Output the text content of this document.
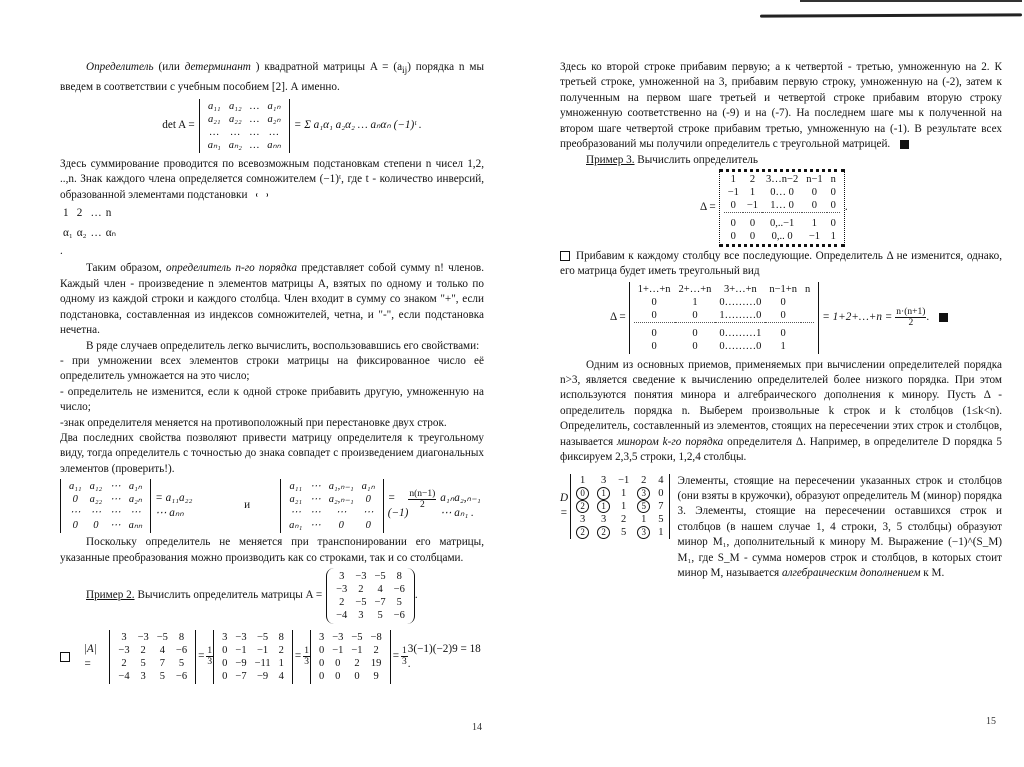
Определитель (или детерминант ) квадратной матрицы $A = (a_{ij})$ порядка n мы введем в соответствии с учебным пособием [2]. А именно.

det A =
a₁₁	a₁₂	…	a₁ₙ
a₂₁	a₂₂	…	a₂ₙ
…	…	…	…
aₙ₁	aₙ₂	…	aₙₙ
= Σ a₁α₁ a₂α₂ … aₙαₙ (−1)ᵗ .

Здесь суммирование проводится по всевозможным подстановкам степени n чисел 1,2, ..,n. Знак каждого члена определяется сомножителем (−1)ᵗ, где t - количество инверсий, образованной элементами подстановки

1	2	…	n
α₁	α₂	…	αₙ
.

Таким образом, определитель n-го порядка представляет собой сумму n! членов. Каждый член - произведение n элементов матрицы A, взятых по одному и только по одному из каждой строки и каждого столбца. Член входит в сумму со знаком "+", если подстановка, составленная из индексов сомножителей, четна, и "-", если подстановка нечетна.

В ряде случаев определитель легко вычислить, воспользовавшись его свойствами:

- при умножении всех элементов строки матрицы на фиксированное число её определитель умножается на это число;

- определитель не изменится, если к одной строке прибавить другую, умноженную на число;

-знак определителя меняется на противоположный при перестановке двух строк.

Два последних свойства позволяют привести матрицу определителя к треугольному виду, тогда определитель с точностью до знака совпадет с произведением диагональных элементов (проверить!).

a₁₁	a₁₂	⋯	a₁ₙ
0	a₂₂	⋯	a₂ₙ
⋯	⋯	⋯	⋯
0	0	⋯	aₙₙ
= a₁₁a₂₂ ⋯ aₙₙ
и
a₁₁	⋯	a₁,ₙ₋₁	a₁ₙ
a₂₁	⋯	a₂,ₙ₋₁	0
⋯	⋯	⋯	⋯
aₙ₁	⋯	0	0
= (−1)
$\frac{n(n-1)}{2} a_{1n}a_2,_{n-1}$ ⋯ aₙ₁ .

Поскольку определитель не меняется при транспонировании его матрицы, указанные преобразования можно производить как со строками, так и со столбцами.

Пример 2. Вычислить определитель матрицы A =
3	−3	−5	8
−3	2	4	−6
2	−5	−7	5
−4	3	5	−6
.
|A| =
3	−3	−5	8
−3	2	4	−6
2	5	7	5
−4	3	5	−6
= $\frac{1}{3}$
3	−3	−5	8
0	−1	−1	2
0	−9	−11	1
0	−7	−9	4
= $\frac{1}{3}$
3	−3	−5	−8
0	−1	−1	2
0	0	2	19
0	0	0	9
= $\frac{1}{3} 3(-1)(-2)9 = 18$ .
14

Здесь ко второй строке прибавим первую; а к четвертой - третью, умноженную на 2. К третьей строке, умноженной на 3, прибавим первую строку, умноженную на (-2), затем к полученным на первом шаге третьей и четвертой строке прибавим вторую строку умноженную соответственно на (-9) и на (-7). На последнем шаге мы к полученной на втором шаге четвертой строке прибавим третью, умноженную на (-1). В результате всех преобразований мы получили определитель с треугольной матрицей.

Пример 3. Вычислить определитель

Δ =
1	2	3…n−2	n−1	n
−1	1	0… 0	0	0
0	−1	1… 0	0	0

0	0	0,..−1	1	0
0	0	0,.. 0	−1	1
.

Прибавим к каждому столбцу все последующие. Определитель Δ не изменится, однако, его матрица будет иметь треугольный вид

Δ =
1+…+n	2+…+n	3+…+n	n−1+n	n
0	1	0………0	0	
0	0	1………0	0	

0	0	0………1	0	
0	0	0………0	1	
= 1+2+…+n = $\frac{n\cdot(n+1)}{2}$ .

Одним из основных приемов, применяемых при вычислении определителей порядка n>3, является сведение к вычислению определителей более низкого порядка. При этом используются понятия минора и алгебраического дополнения к минору. Пусть Δ - определитель порядка n. Выберем произвольные k строк и k столбцов (1≤k<n). Определитель, составленный из элементов, стоящих на пересечении этих строк и столбцов, называется минором k-го порядка определителя Δ. Например, в определителе D порядка 5 фиксируем 2,3,5 строки, 1,2,4 столбцы.

D =
1	3	−1	2	4
0	1	1	3	0
2	1	1	5	7
3	3	2	1	5
2	2	5	3	1

Элементы, стоящие на пересечении указанных строк и столбцов (они взяты в кружочки), образуют определитель M (минор) порядка 3. Элементы, стоящие на пересечении оставшихся строк и столбцов (в нашем случае 1, 4 строки, 3, 5 столбцы) образуют минор M₁, дополнительный к минору M. Выражение (−1)^(S_M) M₁, где S_M - сумма номеров строк и столбцов, в которых стоит минор M, называется алгебраическим дополнением к M.

15
